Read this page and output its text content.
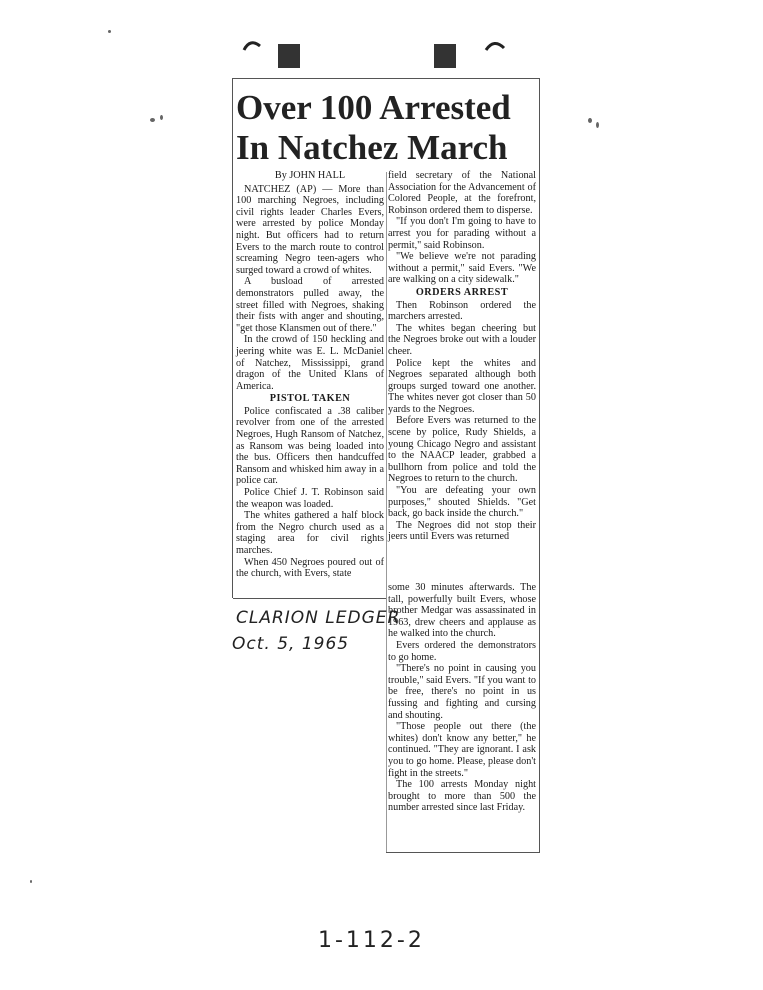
Over 100 Arrested
In Natchez March

By JOHN HALL

NATCHEZ (AP) — More than 100 marching Negroes, including civil rights leader Charles Evers, were arrested by police Monday night. But officers had to return Evers to the march route to control screaming Negro teen-agers who surged toward a crowd of whites.

A busload of arrested demonstrators pulled away, the street filled with Negroes, shaking their fists with anger and shouting, "get those Klansmen out of there."

In the crowd of 150 heckling and jeering white was E. L. McDaniel of Natchez, Mississippi, grand dragon of the United Klans of America.

PISTOL TAKEN

Police confiscated a .38 caliber revolver from one of the arrested Negroes, Hugh Ransom of Natchez, as Ransom was being loaded into the bus. Officers then handcuffed Ransom and whisked him away in a police car.

Police Chief J. T. Robinson said the weapon was loaded.

The whites gathered a half block from the Negro church used as a staging area for civil rights marches.

When 450 Negroes poured out of the church, with Evers, state

field secretary of the National Association for the Advancement of Colored People, at the forefront, Robinson ordered them to disperse.

"If you don't I'm going to have to arrest you for parading without a permit," said Robinson.

"We believe we're not parading without a permit," said Evers. "We are walking on a city sidewalk."

ORDERS ARREST

Then Robinson ordered the marchers arrested.

The whites began cheering but the Negroes broke out with a louder cheer.

Police kept the whites and Negroes separated although both groups surged toward one another. The whites never got closer than 50 yards to the Negroes.

Before Evers was returned to the scene by police, Rudy Shields, a young Chicago Negro and assistant to the NAACP leader, grabbed a bullhorn from police and told the Negroes to return to the church.

"You are defeating your own purposes," shouted Shields. "Get back, go back inside the church."

The Negroes did not stop their jeers until Evers was returned

some 30 minutes afterwards. The tall, powerfully built Evers, whose brother Medgar was assassinated in 1963, drew cheers and applause as he walked into the church.

Evers ordered the demonstrators to go home.

"There's no point in causing you trouble," said Evers. "If you want to be free, there's no point in us fussing and fighting and cursing and shouting.

"Those people out there (the whites) don't know any better," he continued. "They are ignorant. I ask you to go home. Please, please don't fight in the streets."

The 100 arrests Monday night brought to more than 500 the number arrested since last Friday.

CLARION LEDGER
Oct. 5, 1965
1-112-2
